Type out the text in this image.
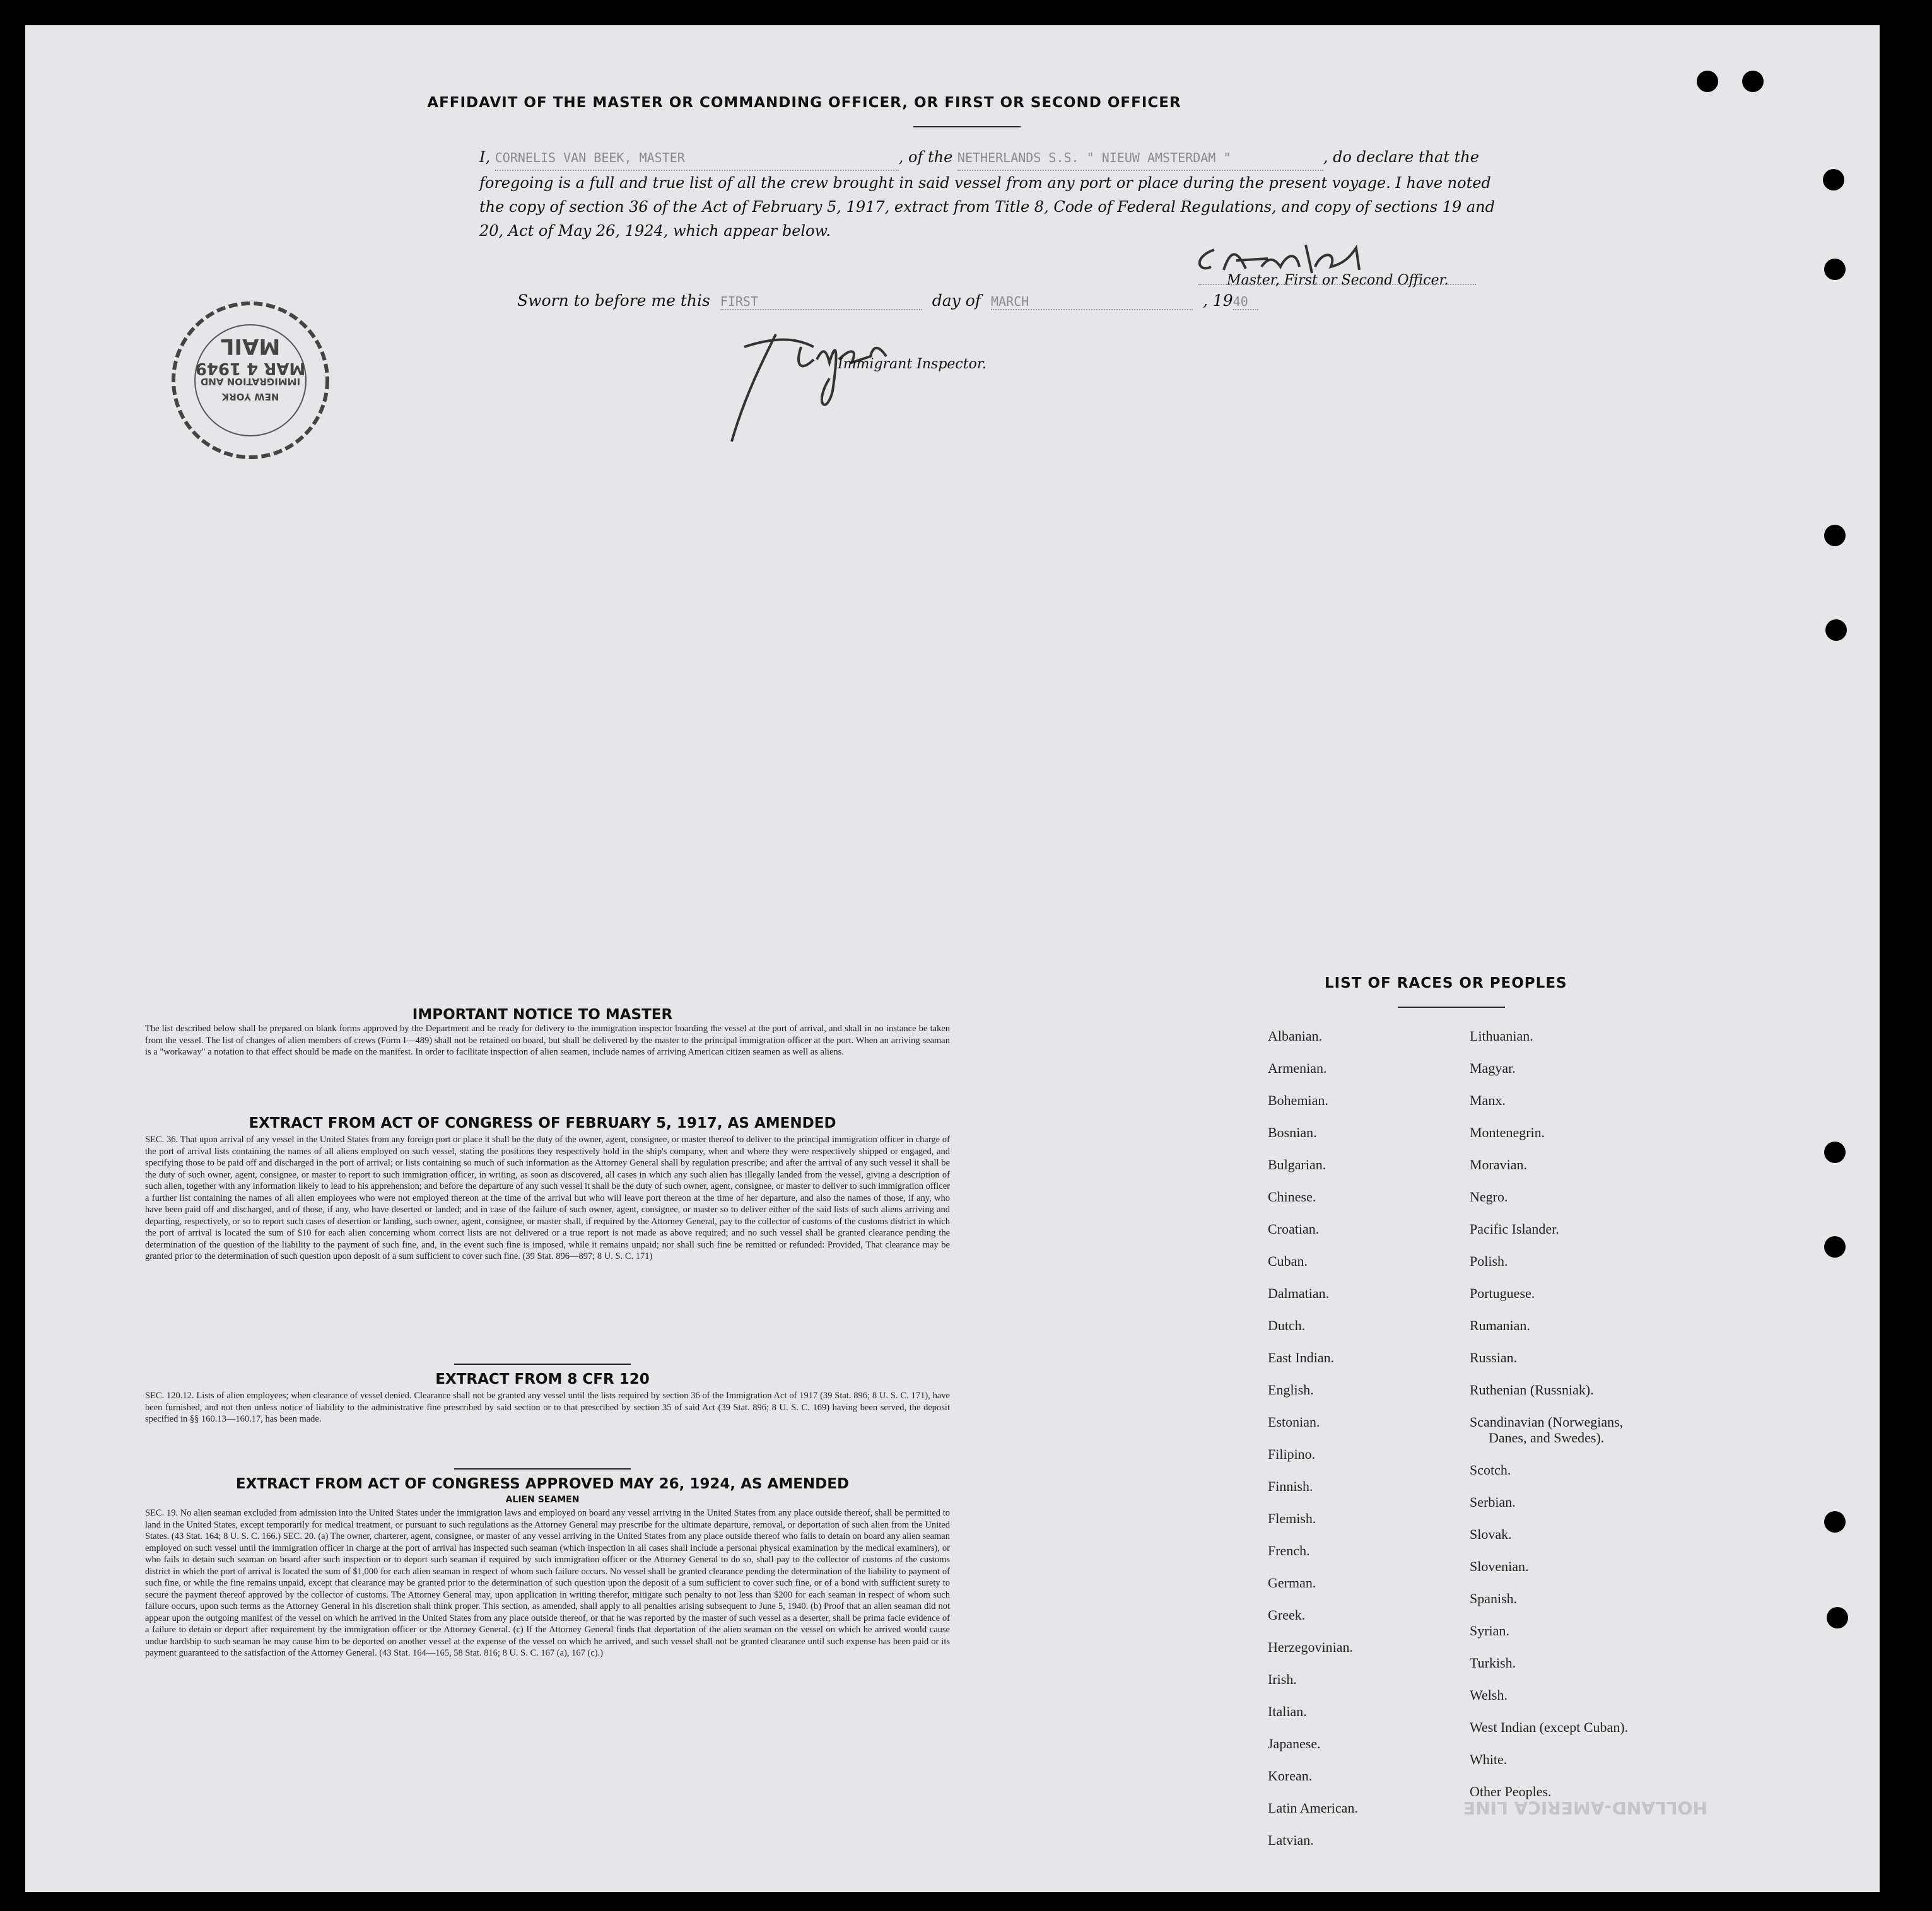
AFFIDAVIT OF THE MASTER OR COMMANDING OFFICER, OR FIRST OR SECOND OFFICER
I, CORNELIS VAN BEEK, MASTER	, of the NETHERLANDS S.S. " NIEUW AMSTERDAM "	, do declare that the foregoing is a full and true list of all the crew brought in said vessel from any port or place during the present voyage. I have noted the copy of section 36 of the Act of February 5, 1917, extract from Title 8, Code of Federal Regulations, and copy of sections 19 and 20, Act of May 26, 1924, which appear below.
Master, First or Second Officer.
Sworn to before me this FIRST	day of MARCH	, 1940
Immigrant Inspector.
NEW YORK
IMMIGRATION AND
MAR 4 1949
MAIL
IMPORTANT NOTICE TO MASTER
The list described below shall be prepared on blank forms approved by the Department and be ready for delivery to the immigration inspector boarding the vessel at the port of arrival, and shall in no instance be taken from the vessel. The list of changes of alien members of crews (Form I—489) shall not be retained on board, but shall be delivered by the master to the principal immigration officer at the port. When an arriving seaman is a "workaway" a notation to that effect should be made on the manifest. In order to facilitate inspection of alien seamen, include names of arriving American citizen seamen as well as aliens.
EXTRACT FROM ACT OF CONGRESS OF FEBRUARY 5, 1917, AS AMENDED
SEC. 36. That upon arrival of any vessel in the United States from any foreign port or place it shall be the duty of the owner, agent, consignee, or master thereof to deliver to the principal immigration officer in charge of the port of arrival lists containing the names of all aliens employed on such vessel, stating the positions they respectively hold in the ship's company, when and where they were respectively shipped or engaged, and specifying those to be paid off and discharged in the port of arrival; or lists containing so much of such information as the Attorney General shall by regulation prescribe; and after the arrival of any such vessel it shall be the duty of such owner, agent, consignee, or master to report to such immigration officer, in writing, as soon as discovered, all cases in which any such alien has illegally landed from the vessel, giving a description of such alien, together with any information likely to lead to his apprehension; and before the departure of any such vessel it shall be the duty of such owner, agent, consignee, or master to deliver to such immigration officer a further list containing the names of all alien employees who were not employed thereon at the time of the arrival but who will leave port thereon at the time of her departure, and also the names of those, if any, who have been paid off and discharged, and of those, if any, who have deserted or landed; and in case of the failure of such owner, agent, consignee, or master so to deliver either of the said lists of such aliens arriving and departing, respectively, or so to report such cases of desertion or landing, such owner, agent, consignee, or master shall, if required by the Attorney General, pay to the collector of customs of the customs district in which the port of arrival is located the sum of $10 for each alien concerning whom correct lists are not delivered or a true report is not made as above required; and no such vessel shall be granted clearance pending the determination of the question of the liability to the payment of such fine, and, in the event such fine is imposed, while it remains unpaid; nor shall such fine be remitted or refunded: Provided, That clearance may be granted prior to the determination of such question upon deposit of a sum sufficient to cover such fine. (39 Stat. 896—897; 8 U. S. C. 171)
EXTRACT FROM 8 CFR 120
SEC. 120.12. Lists of alien employees; when clearance of vessel denied. Clearance shall not be granted any vessel until the lists required by section 36 of the Immigration Act of 1917 (39 Stat. 896; 8 U. S. C. 171), have been furnished, and not then unless notice of liability to the administrative fine prescribed by said section or to that prescribed by section 35 of said Act (39 Stat. 896; 8 U. S. C. 169) having been served, the deposit specified in §§ 160.13—160.17, has been made.
EXTRACT FROM ACT OF CONGRESS APPROVED MAY 26, 1924, AS AMENDED
ALIEN SEAMEN
SEC. 19. No alien seaman excluded from admission into the United States under the immigration laws and employed on board any vessel arriving in the United States from any place outside thereof, shall be permitted to land in the United States, except temporarily for medical treatment, or pursuant to such regulations as the Attorney General may prescribe for the ultimate departure, removal, or deportation of such alien from the United States. (43 Stat. 164; 8 U. S. C. 166.) SEC. 20. (a) The owner, charterer, agent, consignee, or master of any vessel arriving in the United States from any place outside thereof who fails to detain on board any alien seaman employed on such vessel until the immigration officer in charge at the port of arrival has inspected such seaman (which inspection in all cases shall include a personal physical examination by the medical examiners), or who fails to detain such seaman on board after such inspection or to deport such seaman if required by such immigration officer or the Attorney General to do so, shall pay to the collector of customs of the customs district in which the port of arrival is located the sum of $1,000 for each alien seaman in respect of whom such failure occurs. No vessel shall be granted clearance pending the determination of the liability to payment of such fine, or while the fine remains unpaid, except that clearance may be granted prior to the determination of such question upon the deposit of a sum sufficient to cover such fine, or of a bond with sufficient surety to secure the payment thereof approved by the collector of customs. The Attorney General may, upon application in writing therefor, mitigate such penalty to not less than $200 for each seaman in respect of whom such failure occurs, upon such terms as the Attorney General in his discretion shall think proper. This section, as amended, shall apply to all penalties arising subsequent to June 5, 1940. (b) Proof that an alien seaman did not appear upon the outgoing manifest of the vessel on which he arrived in the United States from any place outside thereof, or that he was reported by the master of such vessel as a deserter, shall be prima facie evidence of a failure to detain or deport after requirement by the immigration officer or the Attorney General. (c) If the Attorney General finds that deportation of the alien seaman on the vessel on which he arrived would cause undue hardship to such seaman he may cause him to be deported on another vessel at the expense of the vessel on which he arrived, and such vessel shall not be granted clearance until such expense has been paid or its payment guaranteed to the satisfaction of the Attorney General. (43 Stat. 164—165, 58 Stat. 816; 8 U. S. C. 167 (a), 167 (c).)
LIST OF RACES OR PEOPLES
Albanian.
Armenian.
Bohemian.
Bosnian.
Bulgarian.
Chinese.
Croatian.
Cuban.
Dalmatian.
Dutch.
East Indian.
English.
Estonian.
Filipino.
Finnish.
Flemish.
French.
German.
Greek.
Herzegovinian.
Irish.
Italian.
Japanese.
Korean.
Latin American.
Latvian.
Lithuanian.
Magyar.
Manx.
Montenegrin.
Moravian.
Negro.
Pacific Islander.
Polish.
Portuguese.
Rumanian.
Russian.
Ruthenian (Russniak).
Scandinavian (Norwegians,
Danes, and Swedes).
Scotch.
Serbian.
Slovak.
Slovenian.
Spanish.
Syrian.
Turkish.
Welsh.
West Indian (except Cuban).
White.
Other Peoples.
HOLLAND-AMERICA LINE
